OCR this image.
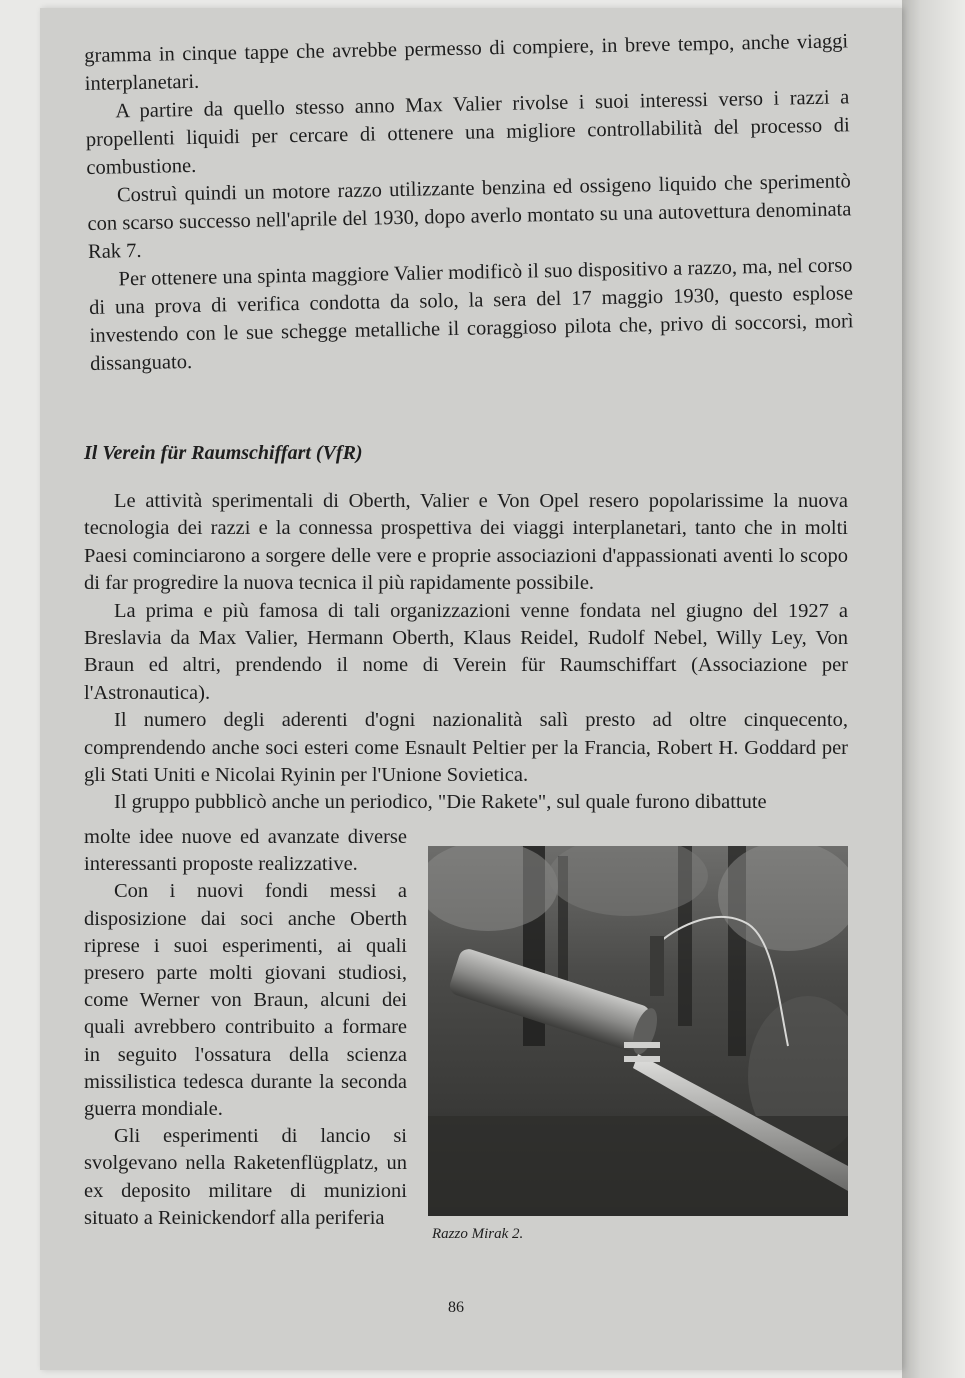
gramma in cinque tappe che avrebbe permesso di compiere, in breve tempo, anche viaggi interplanetari.

A partire da quello stesso anno Max Valier rivolse i suoi interessi verso i razzi a propellenti liquidi per cercare di ottenere una migliore controllabilità del processo di combustione.

Costruì quindi un motore razzo utilizzante benzina ed ossigeno liquido che sperimentò con scarso successo nell'aprile del 1930, dopo averlo montato su una autovettura denominata Rak 7.

Per ottenere una spinta maggiore Valier modificò il suo dispositivo a razzo, ma, nel corso di una prova di verifica condotta da solo, la sera del 17 maggio 1930, questo esplose investendo con le sue schegge metalliche il coraggioso pilota che, privo di soccorsi, morì dissanguato.

Il Verein für Raumschiffart (VfR)

Le attività sperimentali di Oberth, Valier e Von Opel resero popolarissime la nuova tecnologia dei razzi e la connessa prospettiva dei viaggi interplanetari, tanto che in molti Paesi cominciarono a sorgere delle vere e proprie associazioni d'appassionati aventi lo scopo di far progredire la nuova tecnica il più rapidamente possibile.

La prima e più famosa di tali organizzazioni venne fondata nel giugno del 1927 a Breslavia da Max Valier, Hermann Oberth, Klaus Reidel, Rudolf Nebel, Willy Ley, Von Braun ed altri, prendendo il nome di Verein für Raumschiffart (Associazione per l'Astronautica).

Il numero degli aderenti d'ogni nazionalità salì presto ad oltre cinquecento, comprendendo anche soci esteri come Esnault Peltier per la Francia, Robert H. Goddard per gli Stati Uniti e Nicolai Ryinin per l'Unione Sovietica.

Il gruppo pubblicò anche un periodico, "Die Rakete", sul quale furono dibattute

molte idee nuove ed avanzate diverse interessanti proposte realizzative.

Con i nuovi fondi messi a disposizione dai soci anche Oberth riprese i suoi esperimenti, ai quali presero parte molti giovani studiosi, come Werner von Braun, alcuni dei quali avrebbero contribuito a formare in seguito l'ossatura della scienza missilistica tedesca durante la seconda guerra mondiale.

Gli esperimenti di lancio si svolgevano nella Raketenflügplatz, un ex deposito militare di munizioni situato a Reinickendorf alla periferia

Razzo Mirak 2.
86
